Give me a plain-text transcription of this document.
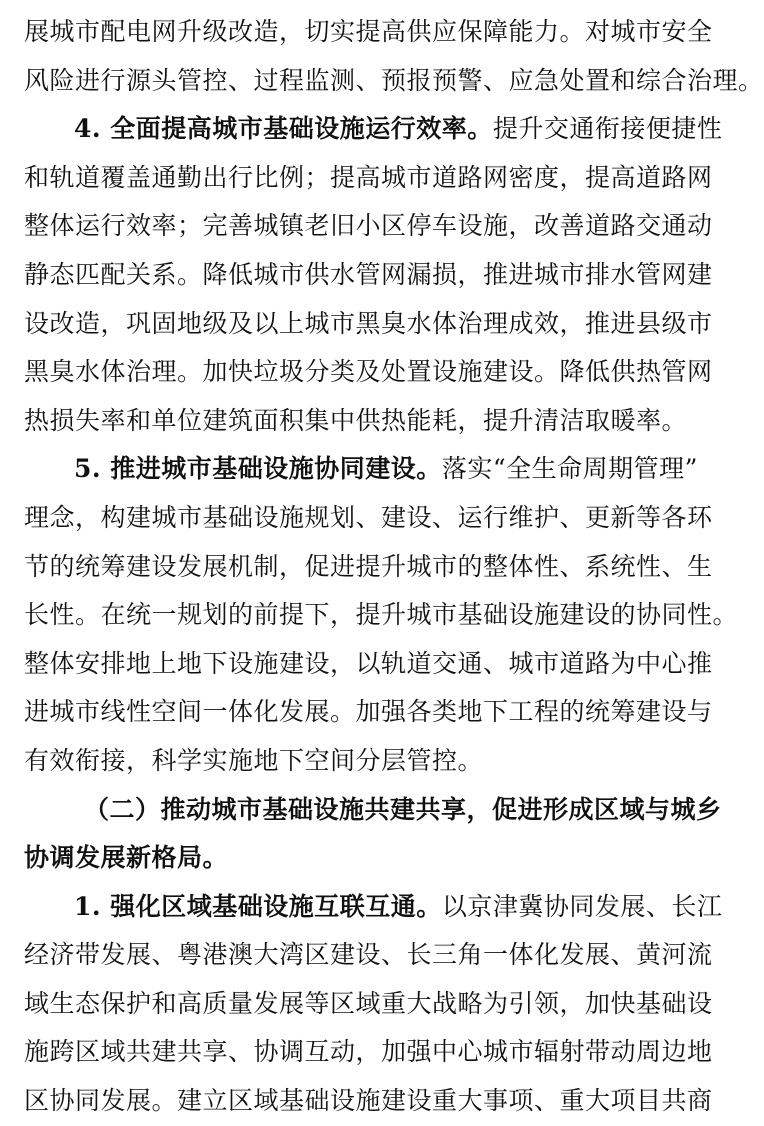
展城市配电网升级改造，切实提高供应保障能力。对城市安全
风险进行源头管控、过程监测、预报预警、应急处置和综合治理。
4. 全面提高城市基础设施运行效率。提升交通衔接便捷性
和轨道覆盖通勤出行比例；提高城市道路网密度，提高道路网
整体运行效率；完善城镇老旧小区停车设施，改善道路交通动
静态匹配关系。降低城市供水管网漏损，推进城市排水管网建
设改造，巩固地级及以上城市黑臭水体治理成效，推进县级市
黑臭水体治理。加快垃圾分类及处置设施建设。降低供热管网
热损失率和单位建筑面积集中供热能耗，提升清洁取暖率。
5. 推进城市基础设施协同建设。落实“全生命周期管理”
理念，构建城市基础设施规划、建设、运行维护、更新等各环
节的统筹建设发展机制，促进提升城市的整体性、系统性、生
长性。在统一规划的前提下，提升城市基础设施建设的协同性。
整体安排地上地下设施建设，以轨道交通、城市道路为中心推
进城市线性空间一体化发展。加强各类地下工程的统筹建设与
有效衔接，科学实施地下空间分层管控。
（二）推动城市基础设施共建共享，促进形成区域与城乡
协调发展新格局。
1. 强化区域基础设施互联互通。以京津冀协同发展、长江
经济带发展、粤港澳大湾区建设、长三角一体化发展、黄河流
域生态保护和高质量发展等区域重大战略为引领，加快基础设
施跨区域共建共享、协调互动，加强中心城市辐射带动周边地
区协同发展。建立区域基础设施建设重大事项、重大项目共商
